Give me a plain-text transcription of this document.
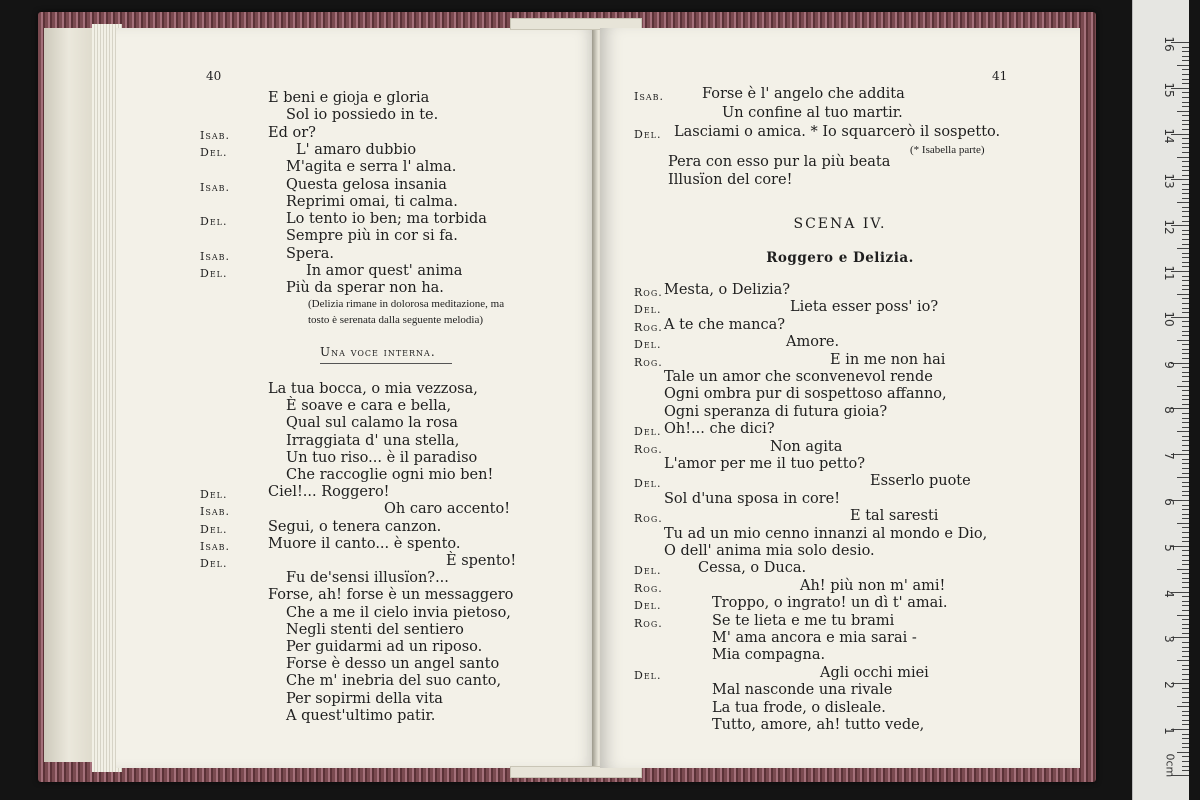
40
E beni e gioja e gloria
Sol io possiedo in te.
Isab.	Ed or?
Del.	L' amaro dubbio
M'agita e serra l' alma.
Isab.	Questa gelosa insania
Reprimi omai, ti calma.
Del.	Lo tento io ben; ma torbida
Sempre più in cor si fa.
Isab.	Spera.
Del.	In amor quest' anima
Più da sperar non ha.
(Delizia rimane in dolorosa meditazione, ma
tosto è serenata dalla seguente melodia)
Una voce interna.
La tua bocca, o mia vezzosa,
È soave e cara e bella,
Qual sul calamo la rosa
Irraggiata d' una stella,
Un tuo riso... è il paradiso
Che raccoglie ogni mio ben!
Del.	Ciel!... Roggero!
Isab.	Oh caro accento!
Del.	Segui, o tenera canzon.
Isab.	Muore il canto... è spento.
Del.	È spento!
Fu de'sensi illusïon?...
Forse, ah! forse è un messaggero
Che a me il cielo invia pietoso,
Negli stenti del sentiero
Per guidarmi ad un riposo.
Forse è desso un angel santo
Che m' inebria del suo canto,
Per sopirmi della vita
A quest'ultimo patir.
41
Isab.	Forse è l' angelo che addita
Un confine al tuo martir.
Del. Lasciami o amica. * Io squarcerò il sospetto.
(* Isabella parte)
Pera con esso pur la più beata
Illusïon del core!
SCENA IV.
Roggero e Delizia.
Rog. Mesta, o Delizia?
Del.	Lieta esser poss' io?
Rog. A te che manca?
Del.	Amore.
Rog.	E in me non hai
Tale un amor che sconvenevol rende
Ogni ombra pur di sospettoso affanno,
Ogni speranza di futura gioia?
Del. Oh!... che dici?
Rog.	Non agita
L'amor per me il tuo petto?
Del.	Esserlo puote
Sol d'una sposa in core!
Rog.	E tal saresti
Tu ad un mio cenno innanzi al mondo e Dio,
O dell' anima mia solo desio.
Del.	Cessa, o Duca.
Rog.	Ah! più non m' ami!
Del.	Troppo, o ingrato! un dì t' amai.
Rog.	Se te lieta e me tu brami
M' ama ancora e mia sarai -
Mia compagna.
Del.	Agli occhi miei
Mal nasconde una rivale
La tua frode, o disleale.
Tutto, amore, ah! tutto vede,
16
15
14
13
12
11
10
9
8
7
6
5
4
3
2
1
0cm
